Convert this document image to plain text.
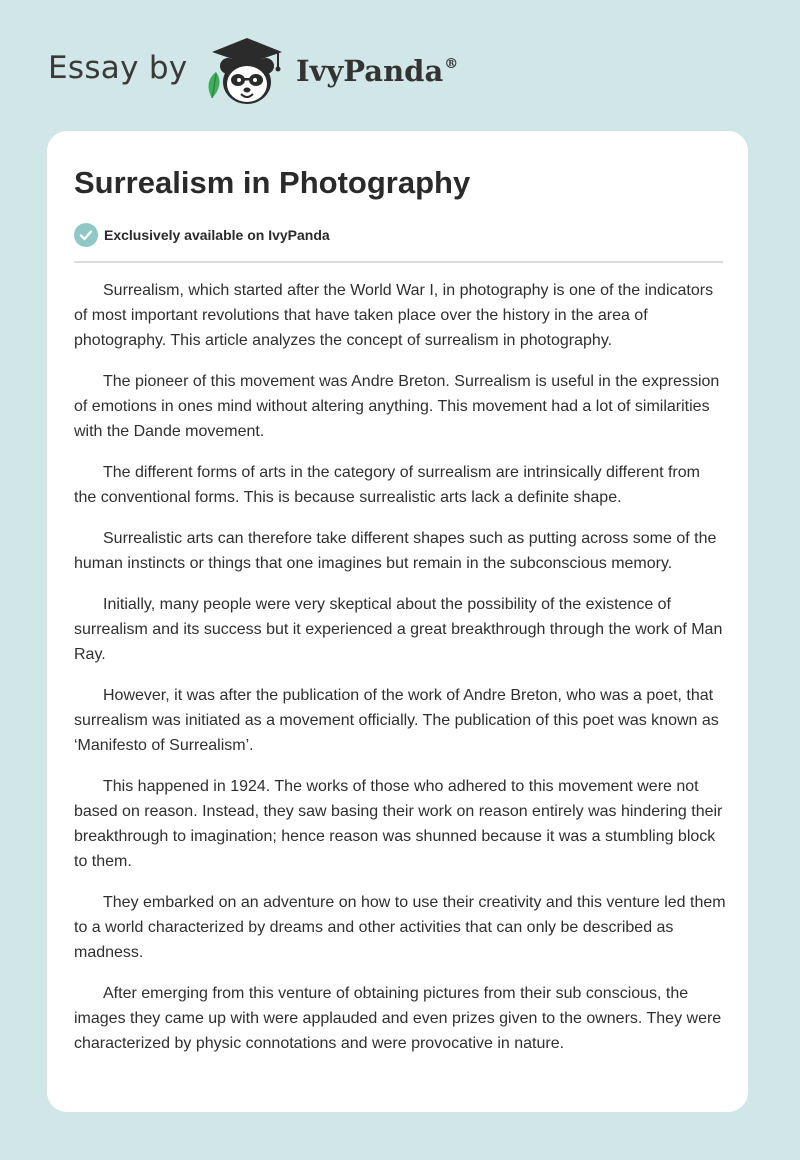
Essay by	IvyPanda®
Surrealism in Photography
Exclusively available on IvyPanda

Surrealism, which started after the World War I, in photography is one of the indicators of most important revolutions that have taken place over the history in the area of photography. This article analyzes the concept of surrealism in photography.

The pioneer of this movement was Andre Breton. Surrealism is useful in the expression of emotions in ones mind without altering anything. This movement had a lot of similarities with the Dande movement.

The different forms of arts in the category of surrealism are intrinsically different from the conventional forms. This is because surrealistic arts lack a definite shape.

Surrealistic arts can therefore take different shapes such as putting across some of the human instincts or things that one imagines but remain in the subconscious memory.

Initially, many people were very skeptical about the possibility of the existence of surrealism and its success but it experienced a great breakthrough through the work of Man Ray.

However, it was after the publication of the work of Andre Breton, who was a poet, that surrealism was initiated as a movement officially. The publication of this poet was known as ‘Manifesto of Surrealism’.

This happened in 1924. The works of those who adhered to this movement were not based on reason. Instead, they saw basing their work on reason entirely was hindering their breakthrough to imagination; hence reason was shunned because it was a stumbling block to them.

They embarked on an adventure on how to use their creativity and this venture led them to a world characterized by dreams and other activities that can only be described as madness.

After emerging from this venture of obtaining pictures from their sub conscious, the images they came up with were applauded and even prizes given to the owners. They were characterized by physic connotations and were provocative in nature.
